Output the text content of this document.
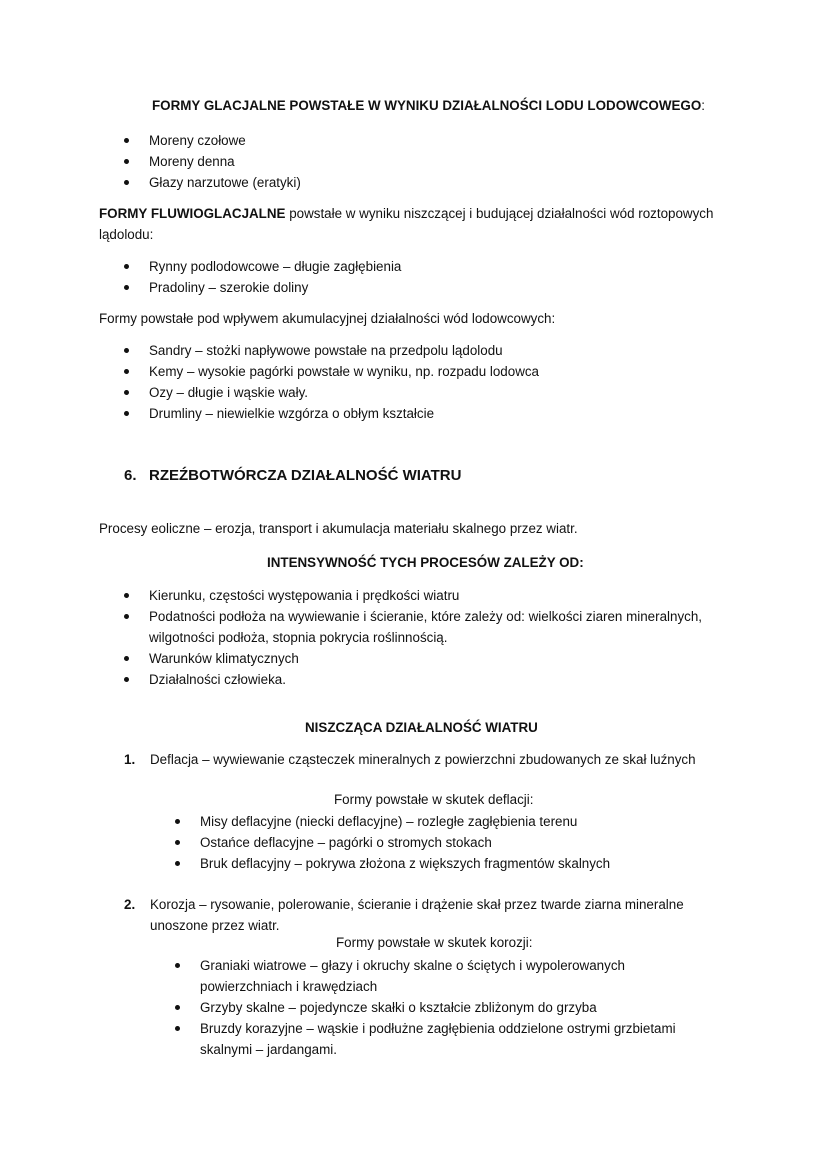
FORMY GLACJALNE POWSTAŁE W WYNIKU DZIAŁALNOŚCI LODU LODOWCOWEGO:
Moreny czołowe
Moreny denna
Głazy narzutowe (eratyki)
FORMY FLUWIOGLACJALNE powstałe w wyniku niszczącej i budującej działalności wód roztopowych
lądolodu:
Rynny podlodowcowe – długie zagłębienia
Pradoliny – szerokie doliny
Formy powstałe pod wpływem akumulacyjnej działalności wód lodowcowych:
Sandry – stożki napływowe powstałe na przedpolu lądolodu
Kemy – wysokie pagórki powstałe w wyniku, np. rozpadu lodowca
Ozy – długie i wąskie wały.
Drumliny – niewielkie wzgórza o obłym kształcie
6. RZEŹBOTWÓRCZA DZIAŁALNOŚĆ WIATRU
Procesy eoliczne – erozja, transport i akumulacja materiału skalnego przez wiatr.
INTENSYWNOŚĆ TYCH PROCESÓW ZALEŻY OD:
Kierunku, częstości występowania i prędkości wiatru
Podatności podłoża na wywiewanie i ścieranie, które zależy od: wielkości ziaren mineralnych,
wilgotności podłoża, stopnia pokrycia roślinnością.
Warunków klimatycznych
Działalności człowieka.
NISZCZĄCA DZIAŁALNOŚĆ WIATRU
1. Deflacja – wywiewanie cząsteczek mineralnych z powierzchni zbudowanych ze skał luźnych
Formy powstałe w skutek deflacji:
Misy deflacyjne (niecki deflacyjne) – rozległe zagłębienia terenu
Ostańce deflacyjne – pagórki o stromych stokach
Bruk deflacyjny – pokrywa złożona z większych fragmentów skalnych
2. Korozja – rysowanie, polerowanie, ścieranie i drążenie skał przez twarde ziarna mineralne
unoszone przez wiatr.
Formy powstałe w skutek korozji:
Graniaki wiatrowe – głazy i okruchy skalne o ściętych i wypolerowanych
powierzchniach i krawędziach
Grzyby skalne – pojedyncze skałki o kształcie zbliżonym do grzyba
Bruzdy korazyjne – wąskie i podłużne zagłębienia oddzielone ostrymi grzbietami
skalnymi – jardangami.
